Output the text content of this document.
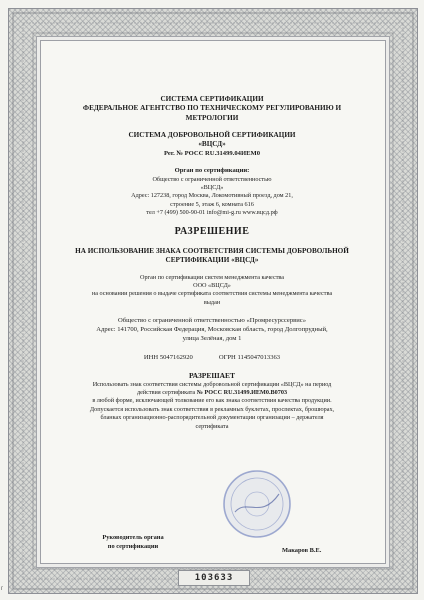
СИСТЕМА СЕРТИФИКАЦИИ
ФЕДЕРАЛЬНОЕ АГЕНТСТВО ПО ТЕХНИЧЕСКОМУ РЕГУЛИРОВАНИЮ И
МЕТРОЛОГИИ
СИСТЕМА ДОБРОВОЛЬНОЙ СЕРТИФИКАЦИИ
«ВЦСД»
Рег. № РОСС RU.31499.04ИЕМ0
Орган по сертификации:
Общество с ограниченной ответственностью
«ВЦСД»
Адрес: 127238, город Москва, Локомотивный проезд, дом 21,
строение 5, этаж 6, комната 616
тел +7 (499) 500-90-01 info@mi-g.ru www.вцсд.рф
РАЗРЕШЕНИЕ
НА ИСПОЛЬЗОВАНИЕ ЗНАКА СООТВЕТСТВИЯ СИСТЕМЫ ДОБРОВОЛЬНОЙ
СЕРТИФИКАЦИИ «ВЦСД»
Орган по сертификации систем менеджмента качества
ООО «ВЦСД»
на основании решения о выдаче сертификата соответствия системы менеджмента качества
выдан
Общество с ограниченной ответственностью «Промресурссервис»
Адрес: 141700, Российская Федерация, Московская область, город Долгопрудный,
улица Зелёная, дом 1
ИНН 5047162920	ОГРН 1145047013363
РАЗРЕШАЕТ
Использовать знак соответствия системы добровольной сертификации «ВЦСД» на период
действия сертификата № РОСС RU.31499.ИЕМ0.В0703
в любой форме, исключающей толкование его как знака соответствия качества продукции.
Допускается использовать знак соответствия в рекламных буклетах, проспектах, брошюрах,
бланках организационно-распорядительной документации организации – держателя
сертификата
Руководитель органа
по сертификации
Макаров В.Е.
103633
г
